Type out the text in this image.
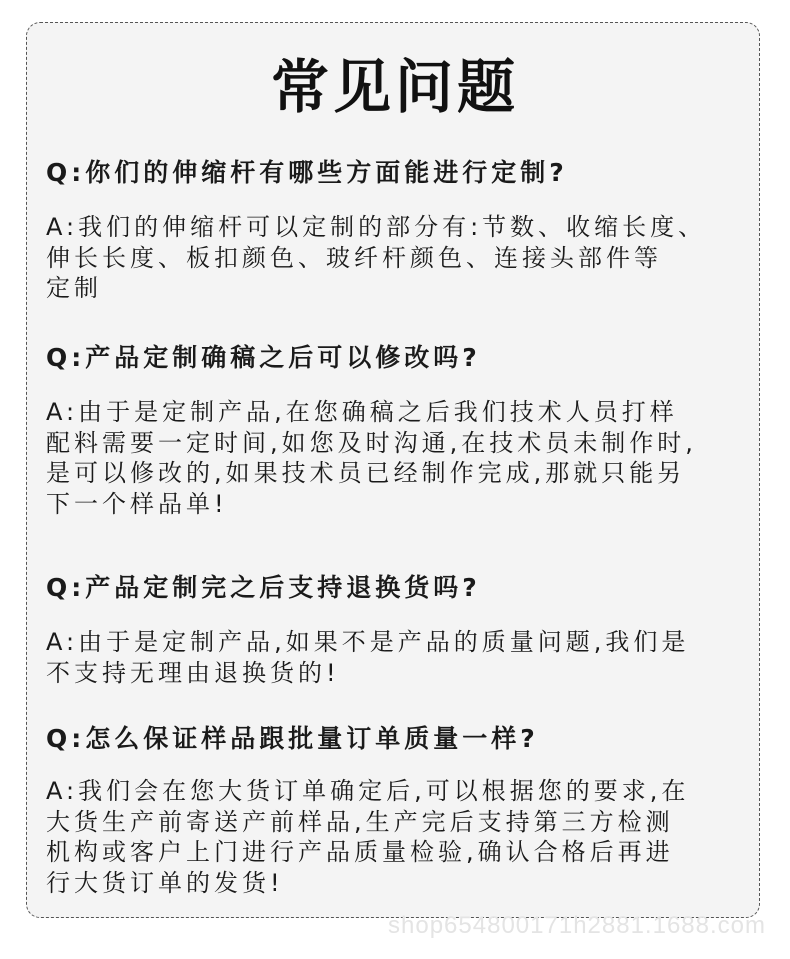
常见问题
Q:你们的伸缩杆有哪些方面能进行定制?
A:我们的伸缩杆可以定制的部分有:节数、收缩长度、
伸长长度、板扣颜色、玻纤杆颜色、连接头部件等
定制
Q:产品定制确稿之后可以修改吗?
A:由于是定制产品,在您确稿之后我们技术人员打样
配料需要一定时间,如您及时沟通,在技术员未制作时,
是可以修改的,如果技术员已经制作完成,那就只能另
下一个样品单!
Q:产品定制完之后支持退换货吗?
A:由于是定制产品,如果不是产品的质量问题,我们是
不支持无理由退换货的!
Q:怎么保证样品跟批量订单质量一样?
A:我们会在您大货订单确定后,可以根据您的要求,在
大货生产前寄送产前样品,生产完后支持第三方检测
机构或客户上门进行产品质量检验,确认合格后再进
行大货订单的发货!
shop654800171h2881.1688.com
